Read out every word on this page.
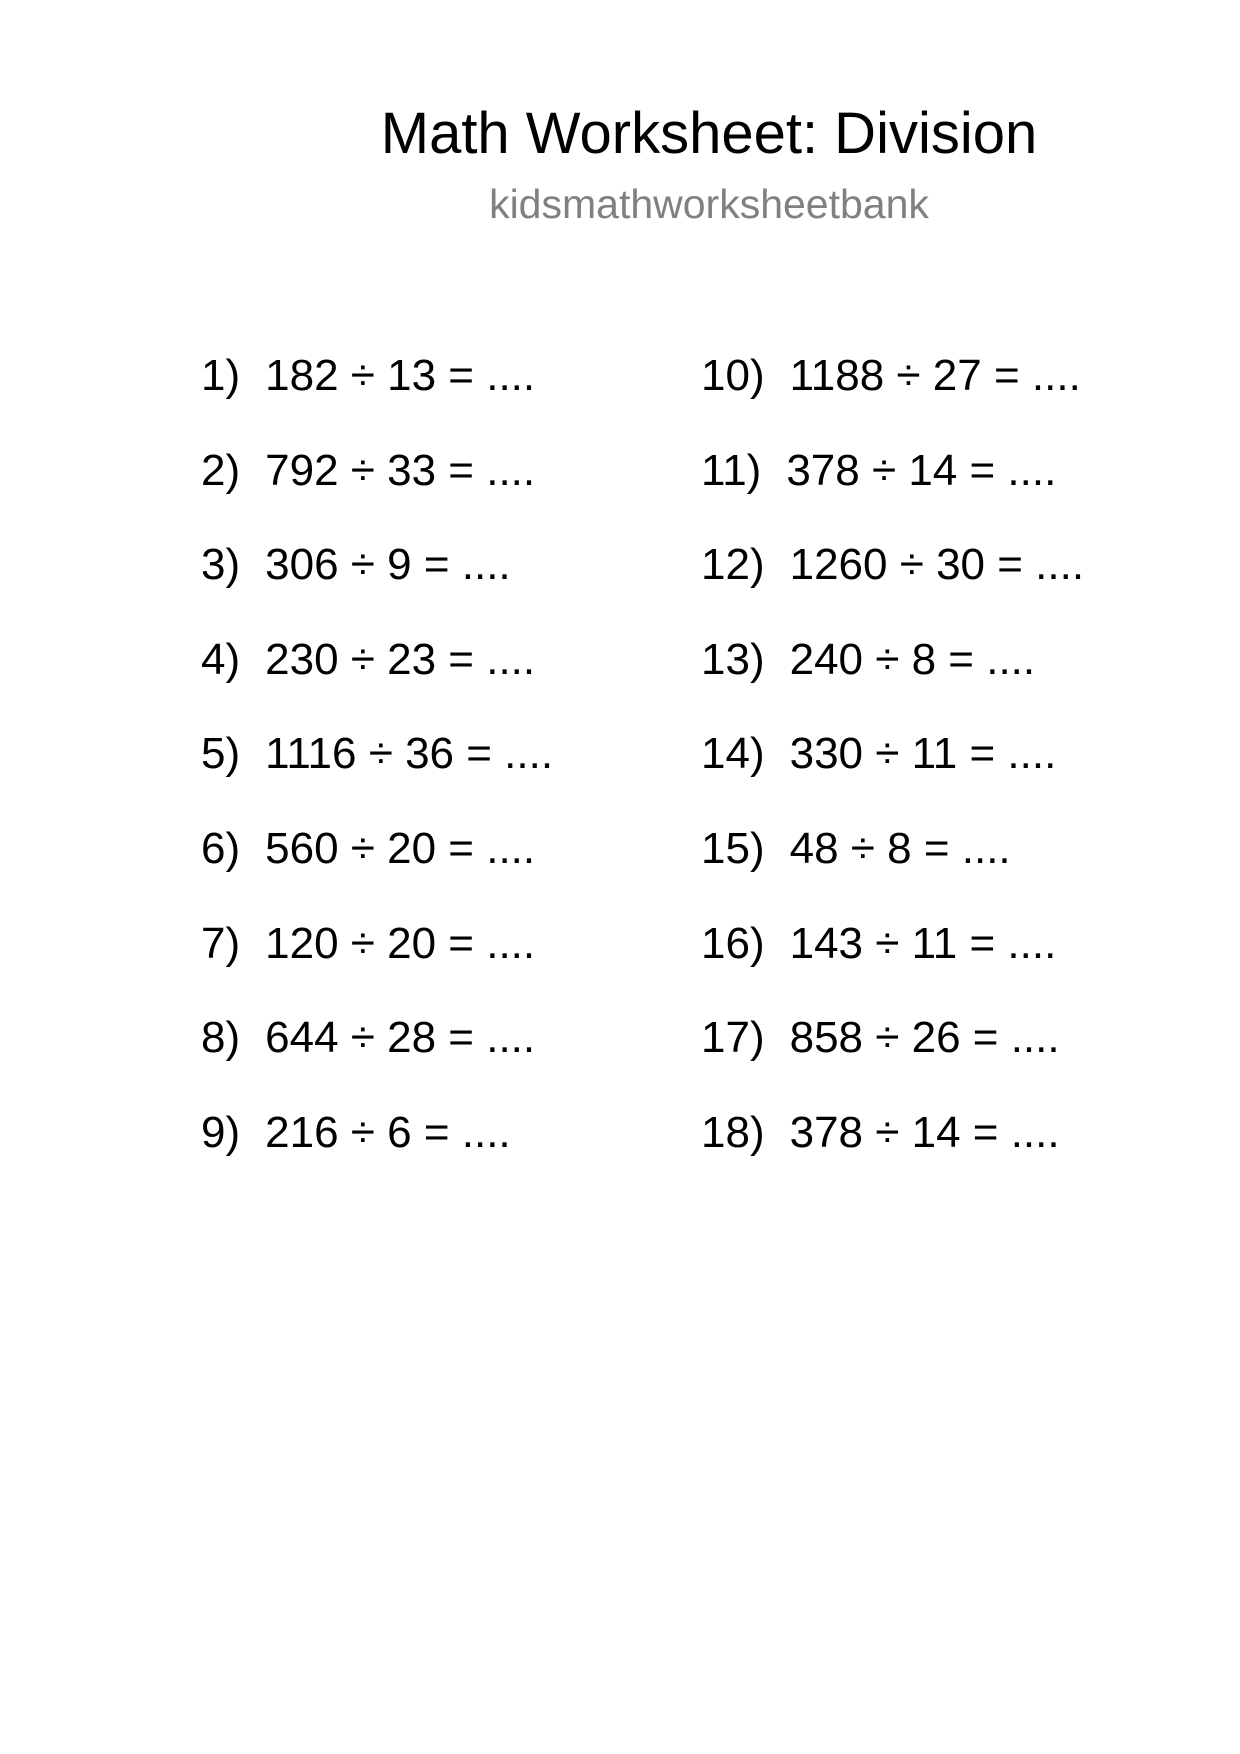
Math Worksheet: Division
kidsmathworksheetbank
1) 182 ÷ 13 = ....
2) 792 ÷ 33 = ....
3) 306 ÷ 9 = ....
4) 230 ÷ 23 = ....
5) 1116 ÷ 36 = ....
6) 560 ÷ 20 = ....
7) 120 ÷ 20 = ....
8) 644 ÷ 28 = ....
9) 216 ÷ 6 = ....
10) 1188 ÷ 27 = ....
11) 378 ÷ 14 = ....
12) 1260 ÷ 30 = ....
13) 240 ÷ 8 = ....
14) 330 ÷ 11 = ....
15) 48 ÷ 8 = ....
16) 143 ÷ 11 = ....
17) 858 ÷ 26 = ....
18) 378 ÷ 14 = ....
